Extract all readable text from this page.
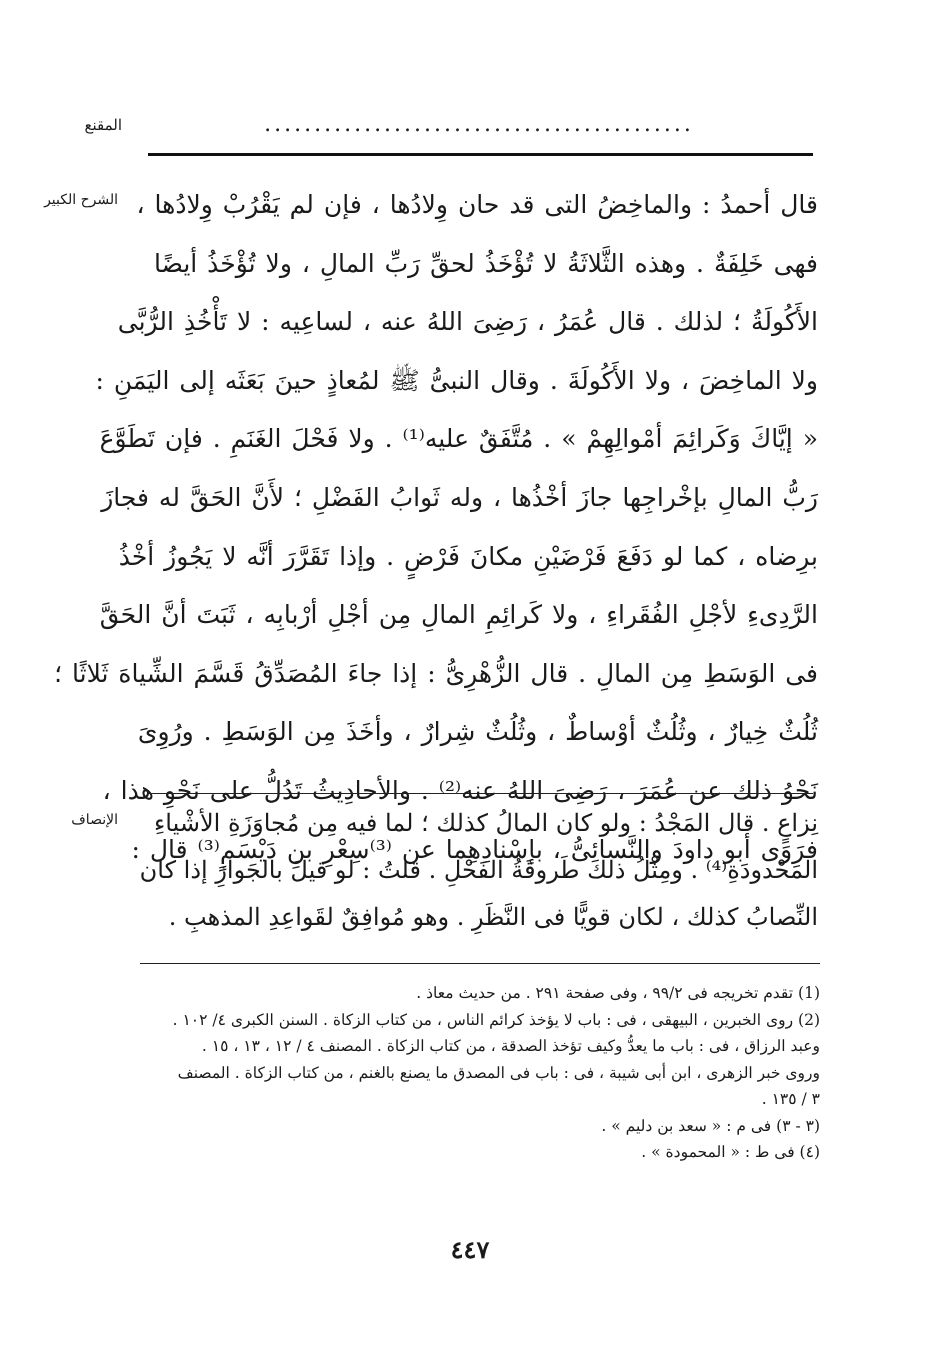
المقنع	...........................................
الشرح الكبير
الإنصاف
قال أحمدُ : والماخِضُ التى قد حان وِلادُها ، فإن لم يَقْرُبْ وِلادُها ،
فهى خَلِفَةٌ . وهذه الثَّلاثَةُ لا تُؤْخَذُ لحقِّ رَبِّ المالِ ، ولا تُؤْخَذُ أيضًا
الأَكُولَةُ ؛ لذلك . قال عُمَرُ ، رَضِىَ اللهُ عنه ، لساعِيه : لا تَأْخُذِ الرُّبَّى
ولا الماخِضَ ، ولا الأَكُولَةَ . وقال النبىُّ ﷺ لمُعاذٍ حينَ بَعَثَه إلى اليَمَنِ :
« إيَّاكَ وَكَرائِمَ أمْوالِهِمْ » . مُتَّفَقٌ عليه⁽¹⁾ . ولا فَحْلَ الغَنَمِ . فإن تَطَوَّعَ
رَبُّ المالِ بإخْراجِها جازَ أخْذُها ، وله ثَوابُ الفَضْلِ ؛ لأَنَّ الحَقَّ له فجازَ
برِضاه ، كما لو دَفَعَ فَرْضَيْنِ مكانَ فَرْضٍ . وإذا تَقَرَّرَ أنَّه لا يَجُوزُ أخْذُ
الرَّدِىءِ لأجْلِ الفُقَراءِ ، ولا كَرائِمِ المالِ مِن أجْلِ أرْبابِه ، ثَبَتَ أنَّ الحَقَّ
فى الوَسَطِ مِن المالِ . قال الزُّهْرِىُّ : إذا جاءَ المُصَدِّقُ قَسَّمَ الشِّياهَ ثَلاثًا ؛
ثُلُثٌ خِيارٌ ، وثُلُثٌ أوْساطٌ ، وثُلُثٌ شِرارٌ ، وأخَذَ مِن الوَسَطِ . ورُوِىَ
نَحْوُ ذلك عن عُمَرَ ، رَضِىَ اللهُ عنه⁽²⁾ . والأحادِيثُ تَدُلُّ على نَحْوِ هذا ،
فرَوَى أبو داودَ والنَّسائِىُّ ، بإسْنادِهِما عن ⁽³⁾سِعْرِ بنِ دَيْسَمٍ⁽³⁾ قال :
نِزاعٍ . قال المَجْدُ : ولو كان المالُ كذلك ؛ لما فيه مِن مُجاوَزَةِ الأشْياءِ
المَحْدودَةِ⁽⁴⁾ . ومِثْلُ ذلك طَروقَةُ الفَحْلِ . قلتُ : لو قيلَ بالجَوازِ إذا كان
النِّصابُ كذلك ، لكان قويًّا فى النَّظَرِ . وهو مُوافِقٌ لقَواعِدِ المذهبِ .
(1) تقدم تخريجه فى ٩٩/٢ ، وفى صفحة ٢٩١ . من حديث معاذ .
(2) روى الخبرين ، البيهقى ، فى : باب لا يؤخذ كرائم الناس ، من كتاب الزكاة . السنن الكبرى ٤/ ١٠٢ .
وعبد الرزاق ، فى : باب ما يعدُّ وكيف تؤخذ الصدقة ، من كتاب الزكاة . المصنف ٤ / ١٢ ، ١٣ ، ١٥ .
وروى خبر الزهرى ، ابن أبى شيبة ، فى : باب فى المصدق ما يصنع بالغنم ، من كتاب الزكاة . المصنف
٣ / ١٣٥ .
(٣ - ٣) فى م : « سعد بن دليم » .
(٤) فى ط : « المحمودة » .
٤٤٧
